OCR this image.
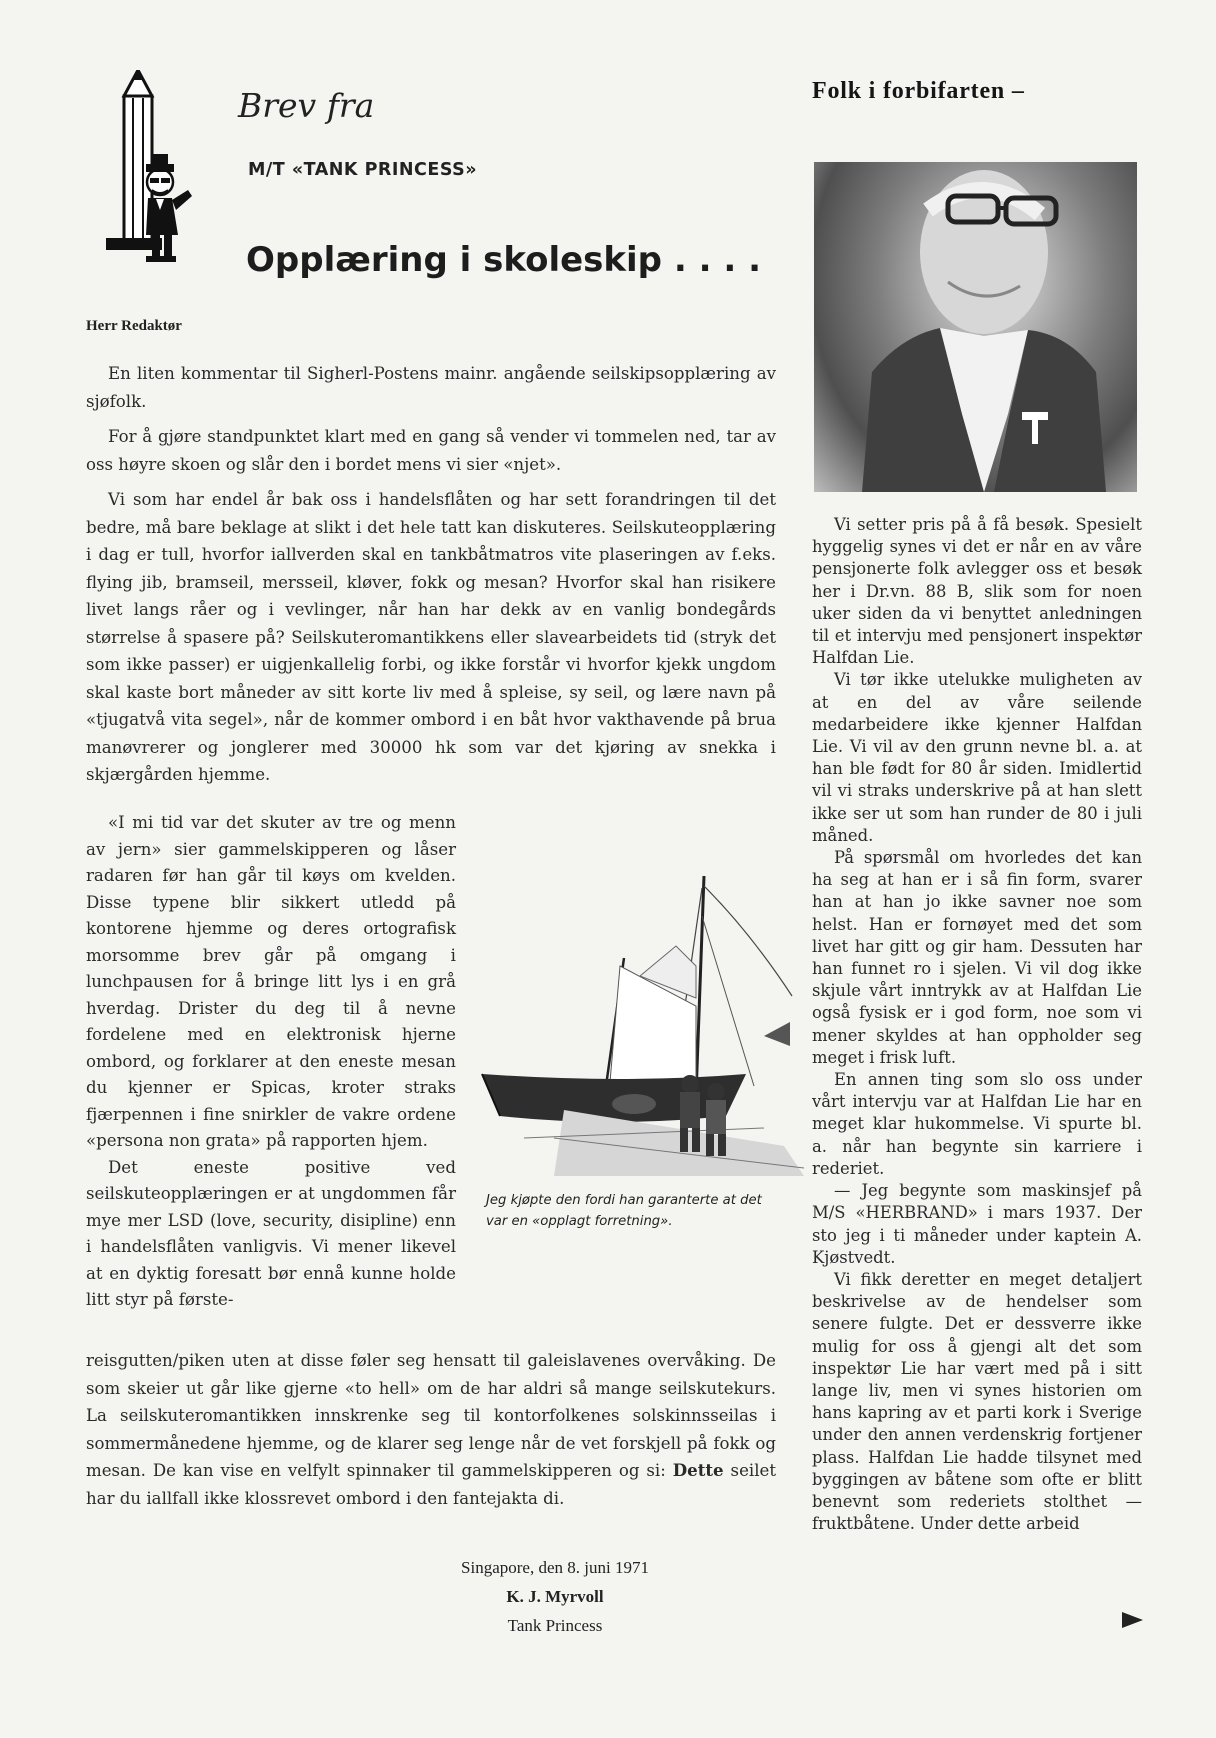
Brev fra
M/T «TANK PRINCESS»
Opplæring i skoleskip . . . .
Folk i forbifarten –
Herr Redaktør

En liten kommentar til Sigherl-Postens mainr. angående seilskipsopplæring av sjøfolk.

For å gjøre standpunktet klart med en gang så vender vi tommelen ned, tar av oss høyre skoen og slår den i bordet mens vi sier «njet».

Vi som har endel år bak oss i handelsflåten og har sett forandringen til det bedre, må bare beklage at slikt i det hele tatt kan diskuteres. Seilskuteopplæring i dag er tull, hvorfor iallverden skal en tankbåtmatros vite plaseringen av f.eks. flying jib, bramseil, mersseil, kløver, fokk og mesan? Hvorfor skal han risikere livet langs råer og i vevlinger, når han har dekk av en vanlig bondegårds størrelse å spasere på? Seilskuteromantikkens eller slavearbeidets tid (stryk det som ikke passer) er uigjenkallelig forbi, og ikke forstår vi hvorfor kjekk ungdom skal kaste bort måneder av sitt korte liv med å spleise, sy seil, og lære navn på «tjugatvå vita segel», når de kommer ombord i en båt hvor vakthavende på brua manøvrerer og jonglerer med 30000 hk som var det kjøring av snekka i skjærgården hjemme.

«I mi tid var det skuter av tre og menn av jern» sier gammelskipperen og låser radaren før han går til køys om kvelden. Disse typene blir sikkert utledd på kontorene hjemme og deres ortografisk morsomme brev går på omgang i lunchpausen for å bringe litt lys i en grå hverdag. Drister du deg til å nevne fordelene med en elektronisk hjerne ombord, og forklarer at den eneste mesan du kjenner er Spicas, kroter straks fjærpennen i fine snirkler de vakre ordene «persona non grata» på rapporten hjem.

Det eneste positive ved seilskuteopplæringen er at ungdommen får mye mer LSD (love, security, disipline) enn i handelsflåten vanligvis. Vi mener likevel at en dyktig foresatt bør ennå kunne holde litt styr på første-

Jeg kjøpte den fordi han garanterte at det var en «opplagt forretning».

reisgutten/piken uten at disse føler seg hensatt til galeislavenes overvåking. De som skeier ut går like gjerne «to hell» om de har aldri så mange seilskutekurs. La seilskuteromantikken innskrenke seg til kontorfolkenes solskinnsseilas i sommermånedene hjemme, og de klarer seg lenge når de vet forskjell på fokk og mesan. De kan vise en velfylt spinnaker til gammelskipperen og si: Dette seilet har du iallfall ikke klossrevet ombord i den fantejakta di.

Singapore, den 8. juni 1971
K. J. Myrvoll
Tank Princess

Vi setter pris på å få besøk. Spesielt hyggelig synes vi det er når en av våre pensjonerte folk avlegger oss et besøk her i Dr.vn. 88 B, slik som for noen uker siden da vi benyttet anledningen til et intervju med pensjonert inspektør Halfdan Lie.

Vi tør ikke utelukke muligheten av at en del av våre seilende medarbeidere ikke kjenner Halfdan Lie. Vi vil av den grunn nevne bl. a. at han ble født for 80 år siden. Imidlertid vil vi straks underskrive på at han slett ikke ser ut som han runder de 80 i juli måned.

På spørsmål om hvorledes det kan ha seg at han er i så fin form, svarer han at han jo ikke savner noe som helst. Han er fornøyet med det som livet har gitt og gir ham. Dessuten har han funnet ro i sjelen. Vi vil dog ikke skjule vårt inntrykk av at Halfdan Lie også fysisk er i god form, noe som vi mener skyldes at han oppholder seg meget i frisk luft.

En annen ting som slo oss under vårt intervju var at Halfdan Lie har en meget klar hukommelse. Vi spurte bl. a. når han begynte sin karriere i rederiet.

— Jeg begynte som maskinsjef på M/S «HERBRAND» i mars 1937. Der sto jeg i ti måneder under kaptein A. Kjøstvedt.

Vi fikk deretter en meget detaljert beskrivelse av de hendelser som senere fulgte. Det er dessverre ikke mulig for oss å gjengi alt det som inspektør Lie har vært med på i sitt lange liv, men vi synes historien om hans kapring av et parti kork i Sverige under den annen verdenskrig fortjener plass. Halfdan Lie hadde tilsynet med byggingen av båtene som ofte er blitt benevnt som rederiets stolthet — fruktbåtene. Under dette arbeid
